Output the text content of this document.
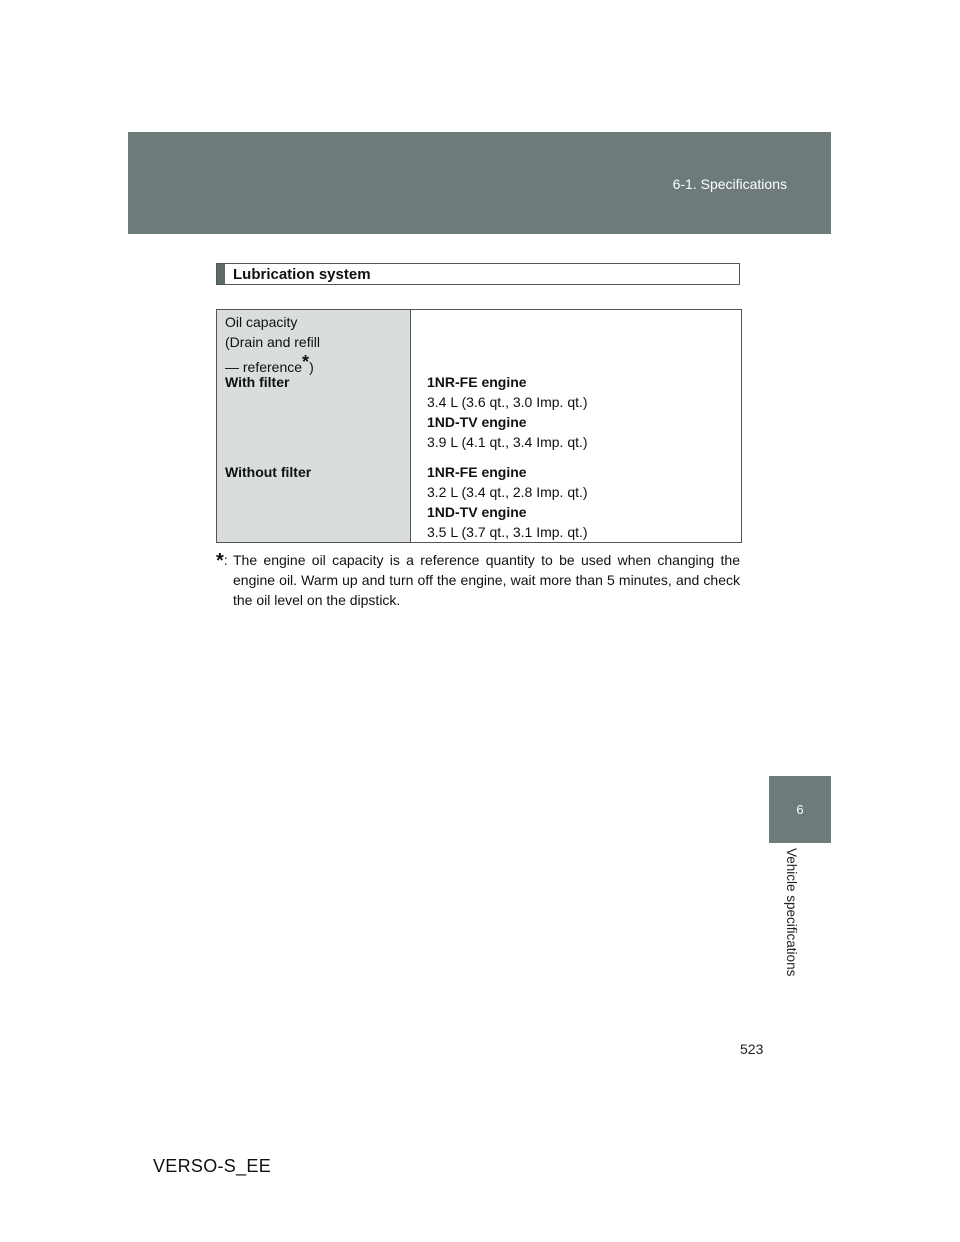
6-1. Specifications
6
Vehicle specifications
Lubrication system
Oil capacity
(Drain and refill
— reference*)
With filter
Without filter
1NR-FE engine
3.4 L (3.6 qt., 3.0 Imp. qt.)
1ND-TV engine
3.9 L (4.1 qt., 3.4 Imp. qt.)
1NR-FE engine
3.2 L (3.4 qt., 2.8 Imp. qt.)
1ND-TV engine
3.5 L (3.7 qt., 3.1 Imp. qt.)
*: The engine oil capacity is a reference quantity to be used when changing the engine oil. Warm up and turn off the engine, wait more than 5 minutes, and check the oil level on the dipstick.
523
VERSO-S_EE
